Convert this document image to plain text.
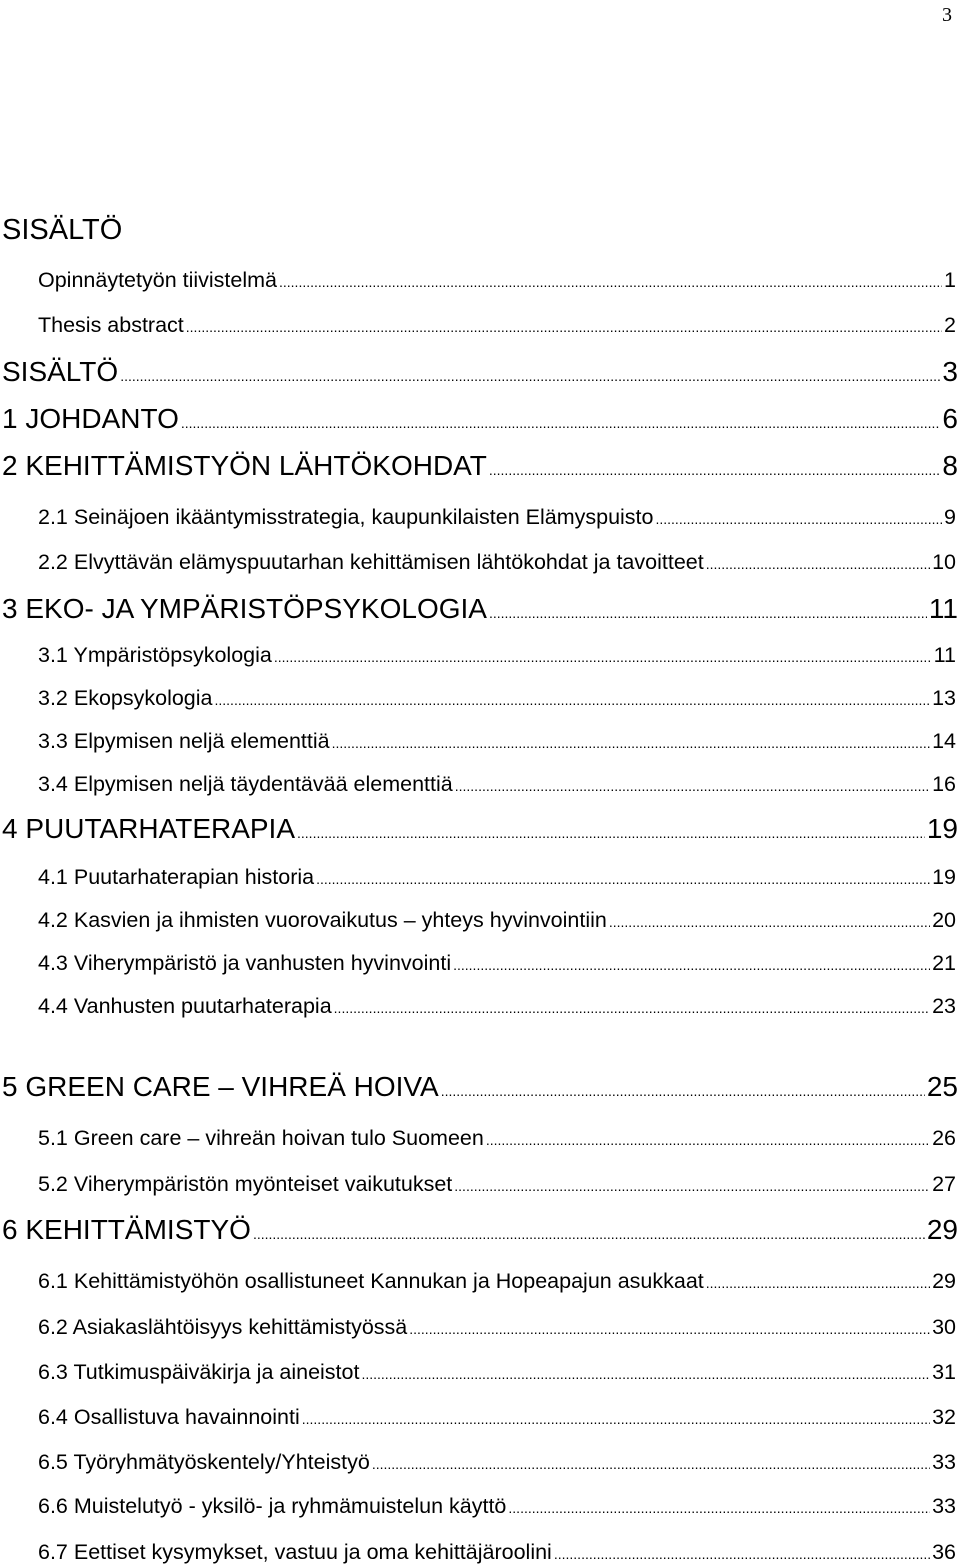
3
SISÄLTÖ
Opinnäytetyön tiivistelmä .....	1
Thesis abstract .....	2
SISÄLTÖ .....	3
1 JOHDANTO .....	6
2 KEHITTÄMISTYÖN LÄHTÖKOHDAT .....	8
2.1 Seinäjoen ikääntymisstrategia, kaupunkilaisten Elämyspuisto .....	9
2.2 Elvyttävän elämyspuutarhan kehittämisen lähtökohdat ja tavoitteet .....	10
3 EKO- JA YMPÄRISTÖPSYKOLOGIA .....	11
3.1 Ympäristöpsykologia .....	11
3.2 Ekopsykologia .....	13
3.3 Elpymisen neljä elementtiä .....	14
3.4 Elpymisen neljä täydentävää elementtiä .....	16
4 PUUTARHATERAPIA .....	19
4.1 Puutarhaterapian historia .....	19
4.2 Kasvien ja ihmisten vuorovaikutus – yhteys hyvinvointiin .....	20
4.3 Viherympäristö ja vanhusten hyvinvointi .....	21
4.4 Vanhusten puutarhaterapia .....	23
5 GREEN CARE – VIHREÄ HOIVA .....	25
5.1 Green care – vihreän hoivan tulo Suomeen .....	26
5.2 Viherympäristön myönteiset vaikutukset .....	27
6 KEHITTÄMISTYÖ .....	29
6.1 Kehittämistyöhön osallistuneet Kannukan ja Hopeapajun asukkaat .....	29
6.2 Asiakaslähtöisyys kehittämistyössä .....	30
6.3 Tutkimuspäiväkirja ja aineistot .....	31
6.4 Osallistuva havainnointi .....	32
6.5 Työryhmätyöskentely/Yhteistyö .....	33
6.6 Muistelutyö - yksilö- ja ryhmämuistelun käyttö .....	33
6.7 Eettiset kysymykset, vastuu ja oma kehittäjäroolini .....	36
